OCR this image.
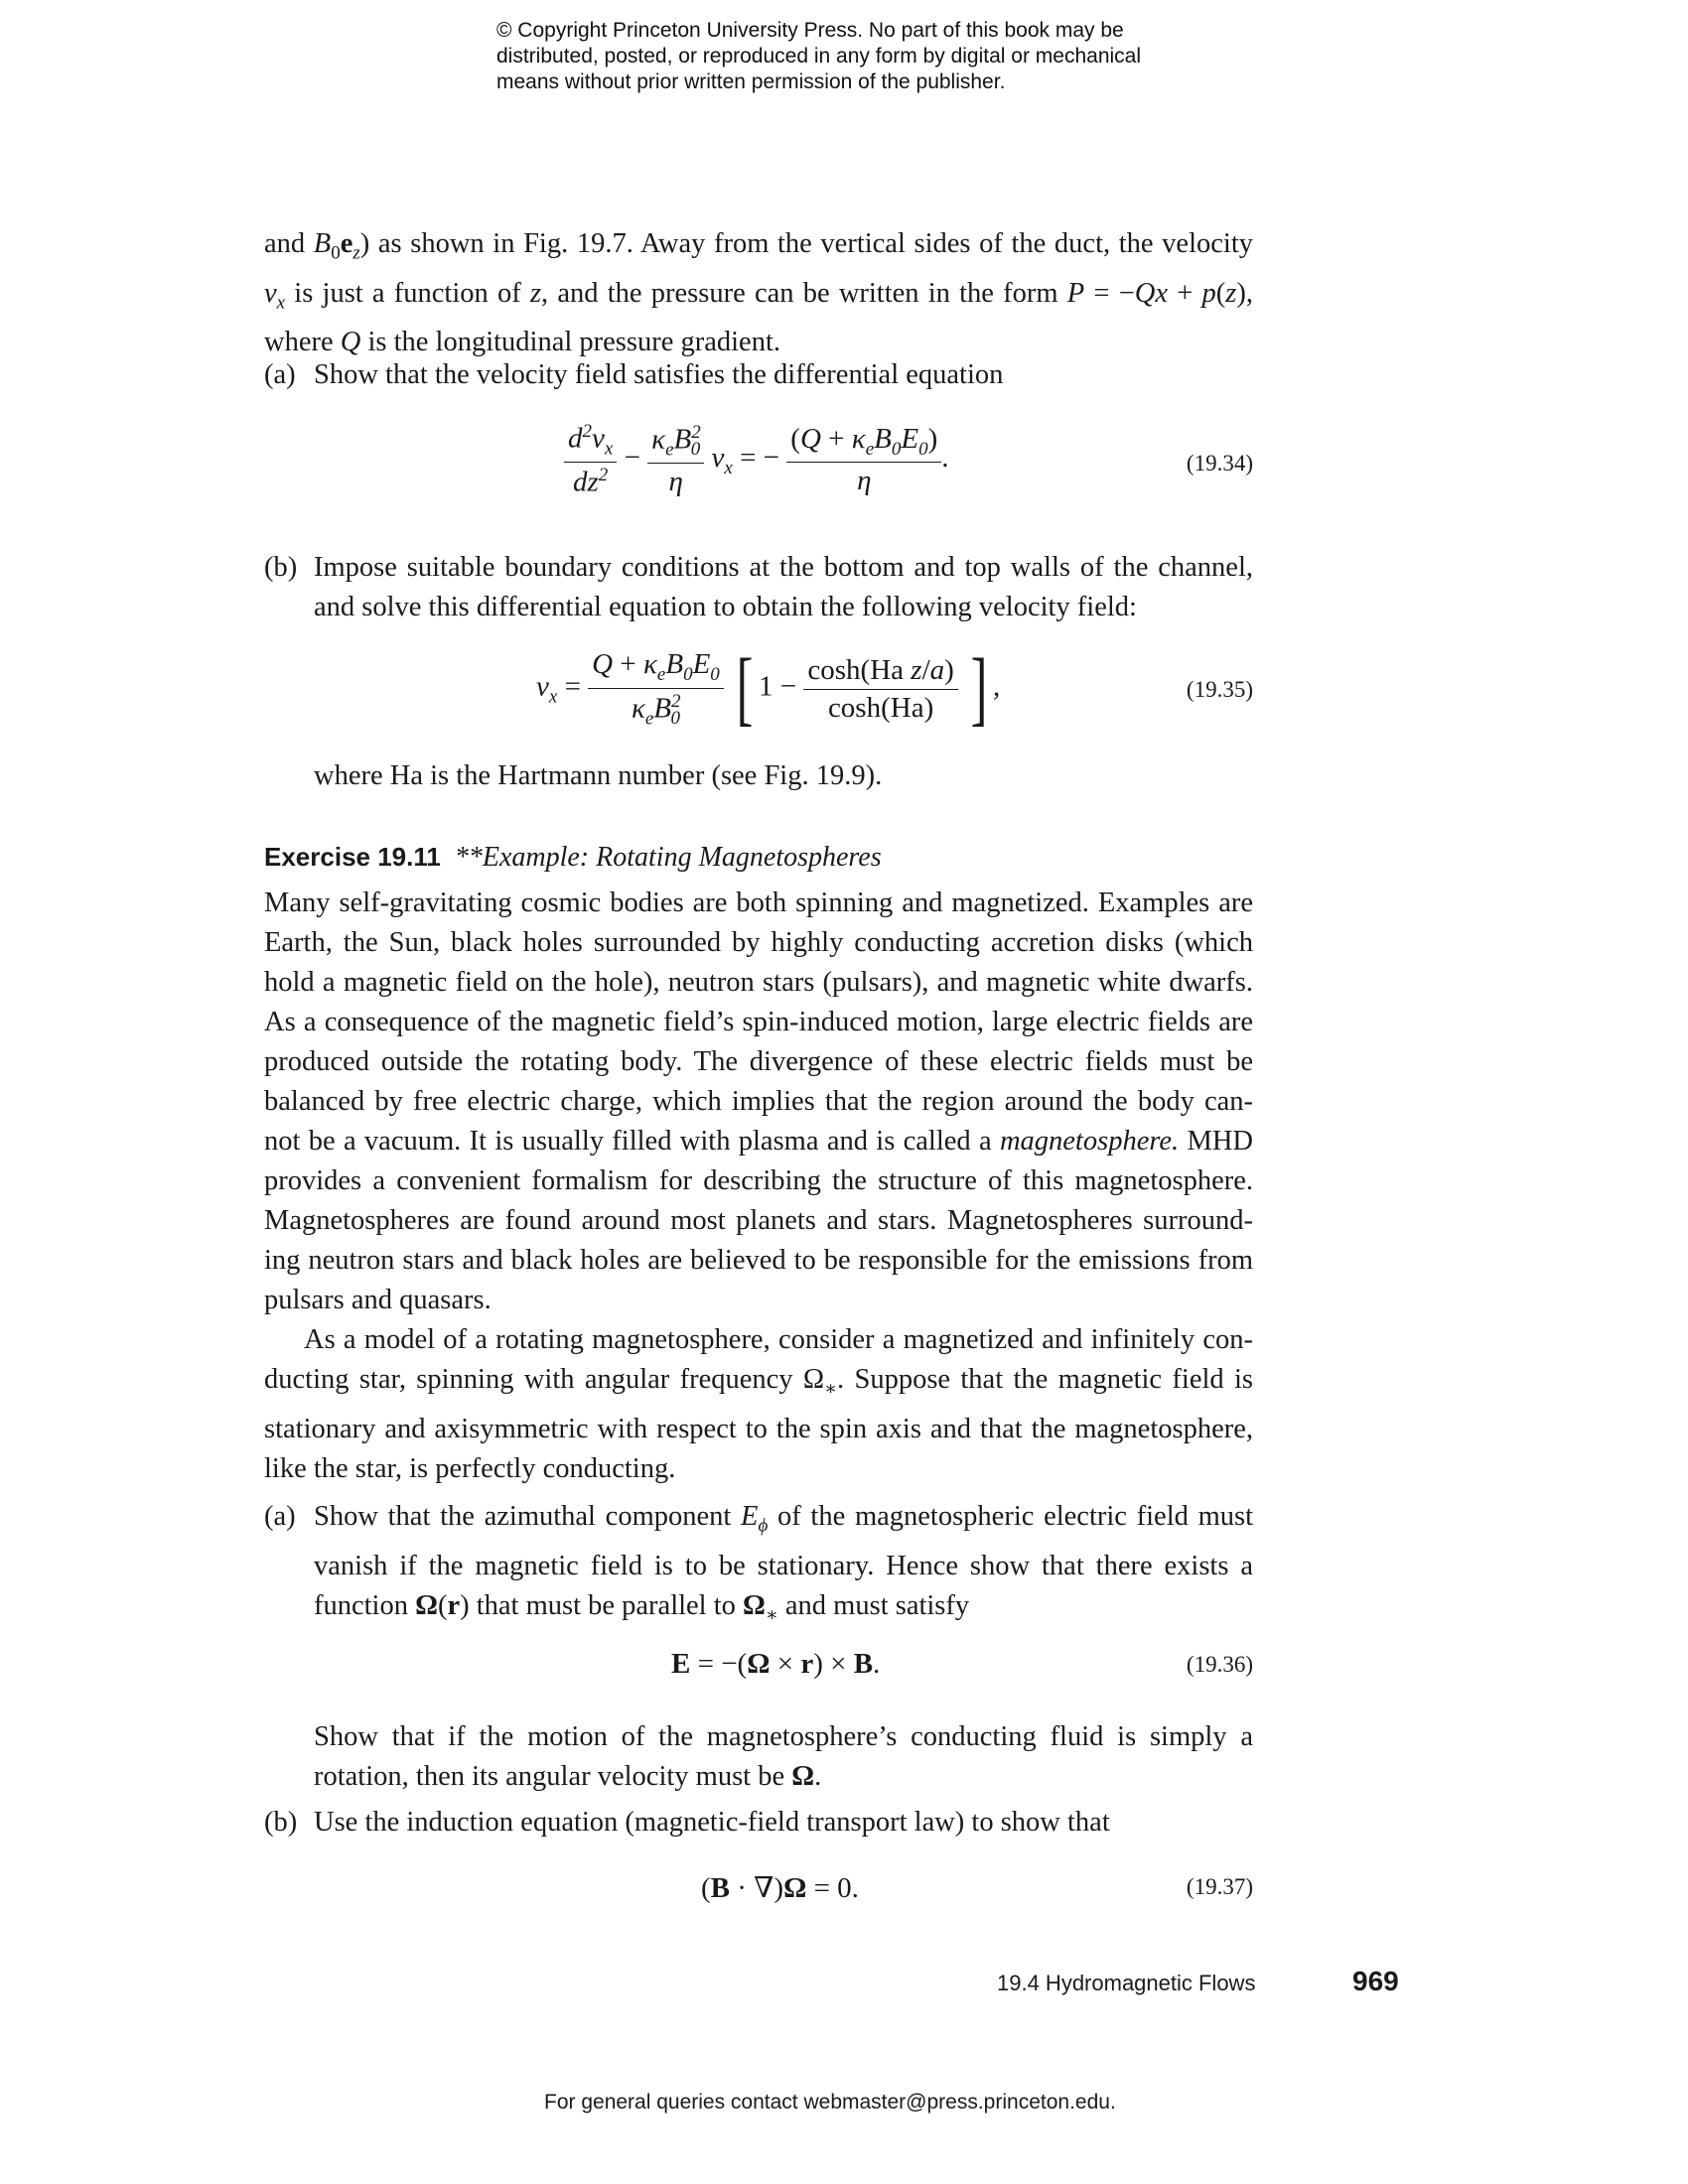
© Copyright Princeton University Press. No part of this book may be
distributed, posted, or reproduced in any form by digital or mechanical
means without prior written permission of the publisher.
and $B_0e_z$) as shown in Fig. 19.7. Away from the vertical sides of the duct, the velocity
$v_x$ is just a function of z, and the pressure can be written in the form P = −Qx + p(z),
where Q is the longitudinal pressure gradient.
(a) Show that the velocity field satisfies the differential equation
$\frac{d^2v_x}{dz^2} - \frac{\kappa_eB^2_0}{\eta} v_x$ = − $\frac{(Q + \kappa_eB_0E_0)}{\eta}$ .	(19.34)
(b) Impose suitable boundary conditions at the bottom and top walls of the channel,
and solve this differential equation to obtain the following velocity field:
$v_x = \frac{Q + \kappa_eB_0E_0}{\kappa_eB^2_0}$ [ $1 - \frac{\text{cosh(Ha z/a)}}{\cosh(Ha)}$ ] ,	(19.35)
where Ha is the Hartmann number (see Fig. 19.9).
Exercise 19.11 **Example: Rotating Magnetospheres
Many self-gravitating cosmic bodies are both spinning and magnetized. Examples are
Earth, the Sun, black holes surrounded by highly conducting accretion disks (which
hold a magnetic field on the hole), neutron stars (pulsars), and magnetic white dwarfs.
As a consequence of the magnetic field’s spin-induced motion, large electric fields are
produced outside the rotating body. The divergence of these electric fields must be
balanced by free electric charge, which implies that the region around the body can-
not be a vacuum. It is usually filled with plasma and is called a magnetosphere. MHD
provides a convenient formalism for describing the structure of this magnetosphere.
Magnetospheres are found around most planets and stars. Magnetospheres surround-
ing neutron stars and black holes are believed to be responsible for the emissions from
pulsars and quasars.
As a model of a rotating magnetosphere, consider a magnetized and infinitely con-
ducting star, spinning with angular frequency $\Omega_∗$. Suppose that the magnetic field is
stationary and axisymmetric with respect to the spin axis and that the magnetosphere,
like the star, is perfectly conducting.
(a) Show that the azimuthal component $E_\phi$ of the magnetospheric electric field must
vanish if the magnetic field is to be stationary. Hence show that there exists a
function Ω(r) that must be parallel to $\Omega_∗$ and must satisfy
E = −(Ω × r) × B.	(19.36)
Show that if the motion of the magnetosphere’s conducting fluid is simply a
rotation, then its angular velocity must be Ω.
(b) Use the induction equation (magnetic-field transport law) to show that
(B · ∇)Ω = 0.	(19.37)
19.4 Hydromagnetic Flows	969
For general queries contact webmaster@press.princeton.edu.
